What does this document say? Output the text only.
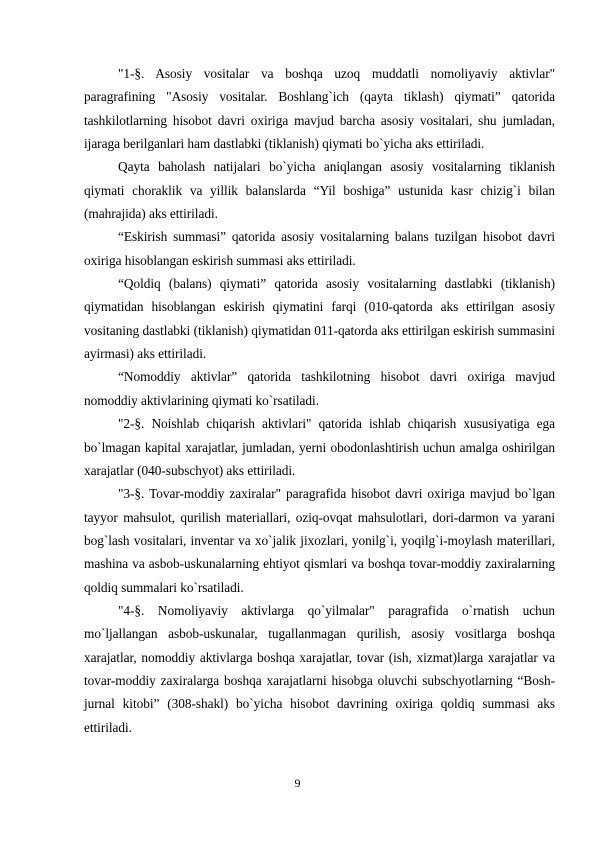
"1-§. Asosiy vositalar va boshqa uzoq muddatli nomoliyaviy aktivlar" paragrafining "Asosiy vositalar. Boshlang`ich (qayta tiklash) qiymati” qatorida tashkilotlarning hisobot davri oxiriga mavjud barcha asosiy vositalari, shu jumladan, ijaraga berilganlari ham dastlabki (tiklanish) qiymati bo`yicha aks ettiriladi.

Qayta baholash natijalari bo`yicha aniqlangan asosiy vositalarning tiklanish qiymati choraklik va yillik balanslarda “Yil boshiga” ustunida kasr chizig`i bilan (mahrajida) aks ettiriladi.

“Eskirish summasi” qatorida asosiy vositalarning balans tuzilgan hisobot davri oxiriga hisoblangan eskirish summasi aks ettiriladi.

“Qoldiq (balans) qiymati” qatorida asosiy vositalarning dastlabki (tiklanish) qiymatidan hisoblangan eskirish qiymatini farqi (010-qatorda aks ettirilgan asosiy vositaning dastlabki (tiklanish) qiymatidan 011-qatorda aks ettirilgan eskirish summasini ayirmasi) aks ettiriladi.

“Nomoddiy aktivlar” qatorida tashkilotning hisobot davri oxiriga mavjud nomoddiy aktivlarining qiymati ko`rsatiladi.

"2-§. Noishlab chiqarish aktivlari" qatorida ishlab chiqarish xususiyatiga ega bo`lmagan kapital xarajatlar, jumladan, yerni obodonlashtirish uchun amalga oshirilgan xarajatlar (040-subschyot) aks ettiriladi.

"3-§. Tovar-moddiy zaxiralar" paragrafida hisobot davri oxiriga mavjud bo`lgan tayyor mahsulot, qurilish materiallari, oziq-ovqat mahsulotlari, dori-darmon va yarani bog`lash vositalari, inventar va xo`jalik jixozlari, yonilg`i, yoqilg`i-moylash materillari, mashina va asbob-uskunalarning ehtiyot qismlari va boshqa tovar-moddiy zaxiralarning qoldiq summalari ko`rsatiladi.

"4-§. Nomoliyaviy aktivlarga qo`yilmalar" paragrafida o`rnatish uchun mo`ljallangan asbob-uskunalar, tugallanmagan qurilish, asosiy vositlarga boshqa xarajatlar, nomoddiy aktivlarga boshqa xarajatlar, tovar (ish, xizmat)larga xarajatlar va tovar-moddiy zaxiralarga boshqa xarajatlarni hisobga oluvchi subschyotlarning “Bosh-jurnal kitobi” (308-shakl) bo`yicha hisobot davrining oxiriga qoldiq summasi aks ettiriladi.

9
